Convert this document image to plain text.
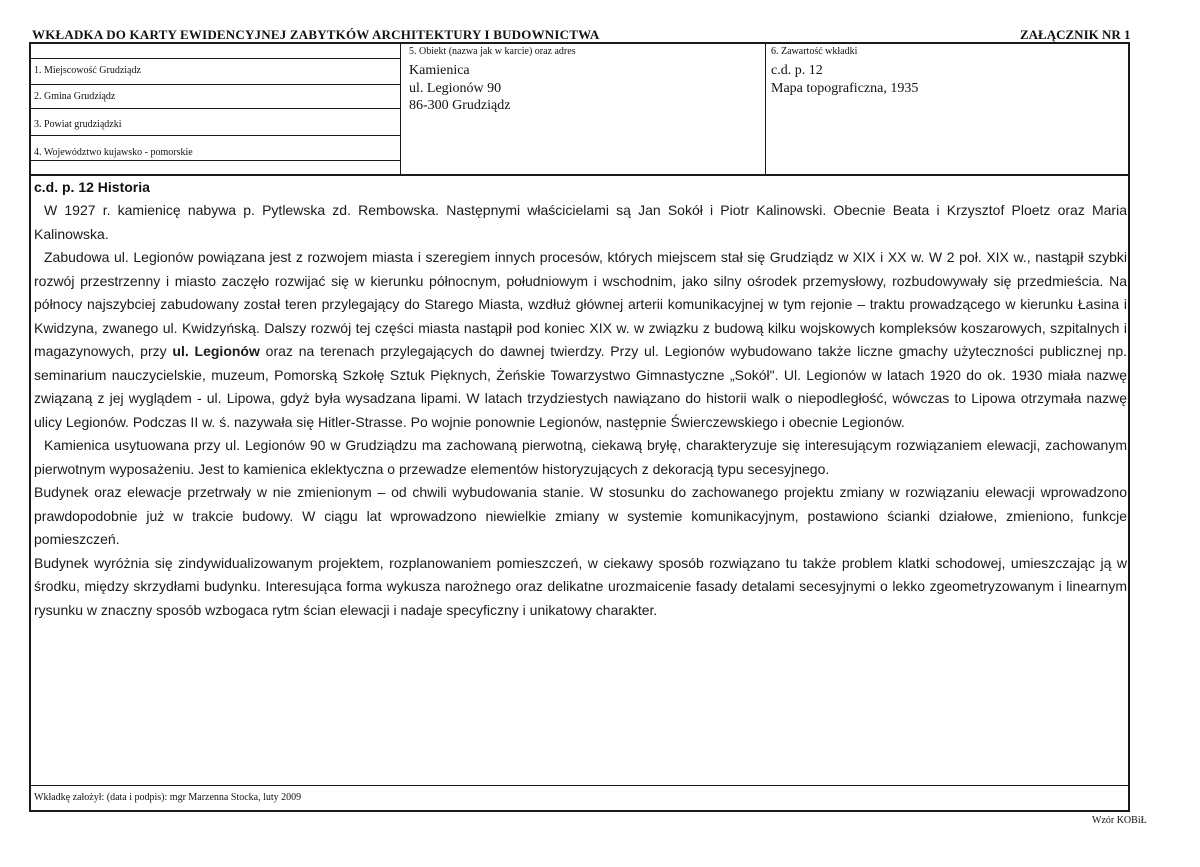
WKŁADKA DO KARTY EWIDENCYJNEJ ZABYTKÓW ARCHITEKTURY I BUDOWNICTWA	ZAŁĄCZNIK NR 1
1. Miejscowość Grudziądz
2. Gmina Grudziądz
3. Powiat grudziądzki
4. Województwo kujawsko - pomorskie
5. Obiekt (nazwa jak w karcie) oraz adres
Kamienica
ul. Legionów 90
86-300 Grudziądz
6. Zawartość wkładki
c.d. p. 12
Mapa topograficzna, 1935
c.d. p. 12 Historia

W 1927 r. kamienicę nabywa p. Pytlewska zd. Rembowska. Następnymi właścicielami są Jan Sokół i Piotr Kalinowski. Obecnie Beata i Krzysztof Ploetz oraz Maria Kalinowska.

Zabudowa ul. Legionów powiązana jest z rozwojem miasta i szeregiem innych procesów, których miejscem stał się Grudziądz w XIX i XX w. W 2 poł. XIX w., nastąpił szybki rozwój przestrzenny i miasto zaczęło rozwijać się w kierunku północnym, południowym i wschodnim, jako silny ośrodek przemysłowy, rozbudowywały się przedmieścia. Na północy najszybciej zabudowany został teren przylegający do Starego Miasta, wzdłuż głównej arterii komunikacyjnej w tym rejonie – traktu prowadzącego w kierunku Łasina i Kwidzyna, zwanego ul. Kwidzyńską. Dalszy rozwój tej części miasta nastąpił pod koniec XIX w. w związku z budową kilku wojskowych kompleksów koszarowych, szpitalnych i magazynowych, przy ul. Legionów oraz na terenach przylegających do dawnej twierdzy. Przy ul. Legionów wybudowano także liczne gmachy użyteczności publicznej np. seminarium nauczycielskie, muzeum, Pomorską Szkołę Sztuk Pięknych, Żeńskie Towarzystwo Gimnastyczne „Sokół". Ul. Legionów w latach 1920 do ok. 1930 miała nazwę związaną z jej wyglądem - ul. Lipowa, gdyż była wysadzana lipami. W latach trzydziestych nawiązano do historii walk o niepodległość, wówczas to Lipowa otrzymała nazwę ulicy Legionów. Podczas II w. ś. nazywała się Hitler-Strasse. Po wojnie ponownie Legionów, następnie Świerczewskiego i obecnie Legionów.

Kamienica usytuowana przy ul. Legionów 90 w Grudziądzu ma zachowaną pierwotną, ciekawą bryłę, charakteryzuje się interesującym rozwiązaniem elewacji, zachowanym pierwotnym wyposażeniu. Jest to kamienica eklektyczna o przewadze elementów historyzujących z dekoracją typu secesyjnego.

Budynek oraz elewacje przetrwały w nie zmienionym – od chwili wybudowania stanie. W stosunku do zachowanego projektu zmiany w rozwiązaniu elewacji wprowadzono prawdopodobnie już w trakcie budowy. W ciągu lat wprowadzono niewielkie zmiany w systemie komunikacyjnym, postawiono ścianki działowe, zmieniono, funkcje pomieszczeń.

Budynek wyróżnia się zindywidualizowanym projektem, rozplanowaniem pomieszczeń, w ciekawy sposób rozwiązano tu także problem klatki schodowej, umieszczając ją w środku, między skrzydłami budynku. Interesująca forma wykusza narożnego oraz delikatne urozmaicenie fasady detalami secesyjnymi o lekko zgeometryzowanym i linearnym rysunku w znaczny sposób wzbogaca rytm ścian elewacji i nadaje specyficzny i unikatowy charakter.

Wkładkę założył: (data i podpis): mgr Marzenna Stocka, luty 2009
Wzór KOBiŁ
